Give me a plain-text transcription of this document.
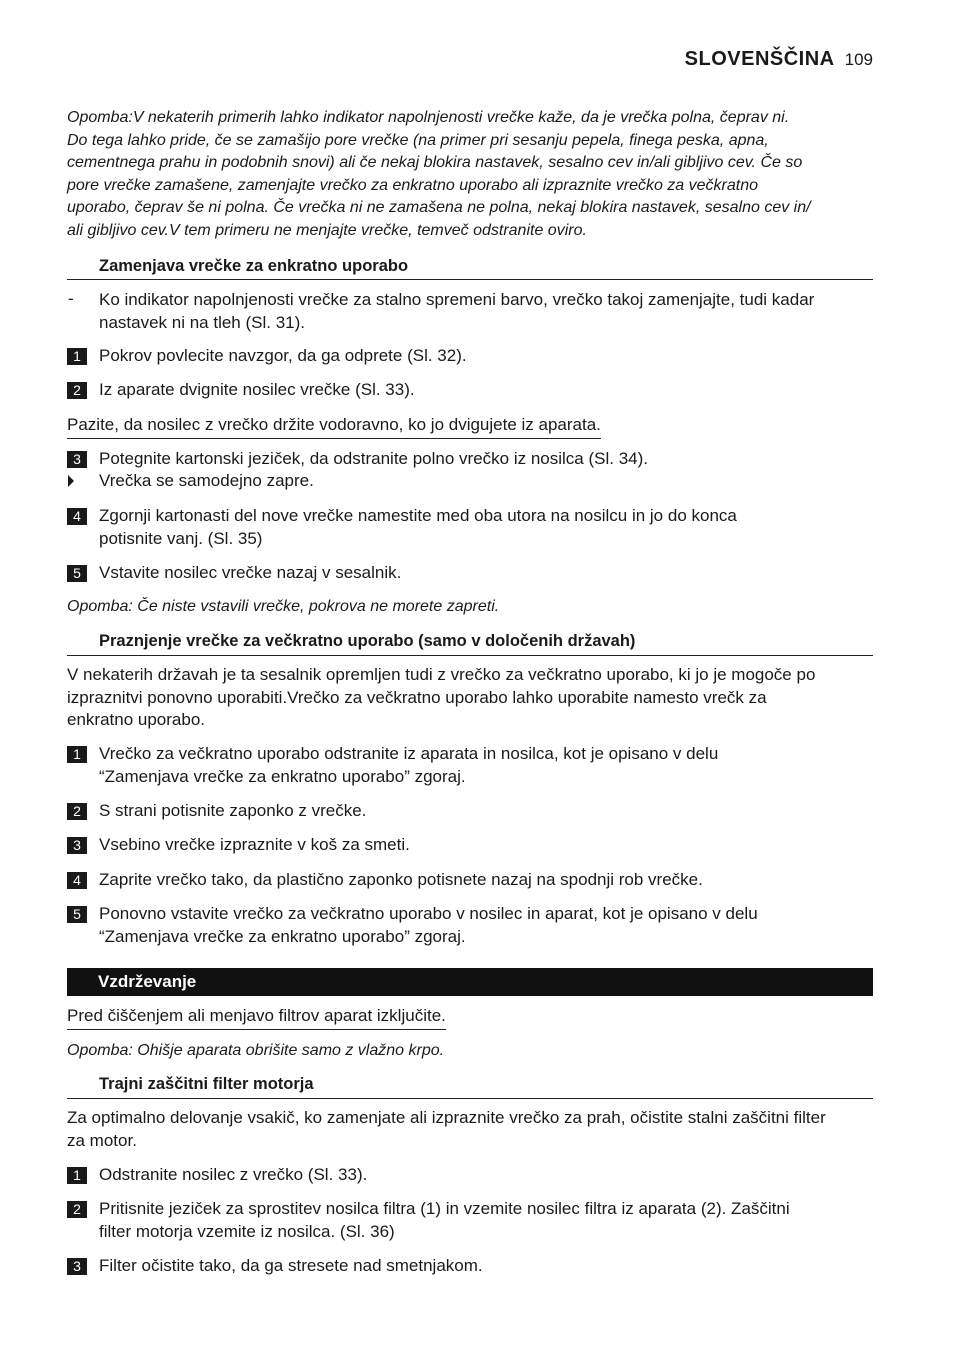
SLOVENŠČINA 109
Opomba:V nekaterih primerih lahko indikator napolnjenosti vrečke kaže, da je vrečka polna, čeprav ni.
Do tega lahko pride, če se zamašijo pore vrečke (na primer pri sesanju pepela, finega peska, apna,
cementnega prahu in podobnih snovi) ali če nekaj blokira nastavek, sesalno cev in/ali gibljivo cev. Če so
pore vrečke zamašene, zamenjajte vrečko za enkratno uporabo ali izpraznite vrečko za večkratno
uporabo, čeprav še ni polna. Če vrečka ni ne zamašena ne polna, nekaj blokira nastavek, sesalno cev in/
ali gibljivo cev.V tem primeru ne menjajte vrečke, temveč odstranite oviro.
Zamenjava vrečke za enkratno uporabo
- Ko indikator napolnjenosti vrečke za stalno spremeni barvo, vrečko takoj zamenjajte, tudi kadar
nastavek ni na tleh (Sl. 31).
1	Pokrov povlecite navzgor, da ga odprete (Sl. 32).
2	Iz aparate dvignite nosilec vrečke (Sl. 33).
Pazite, da nosilec z vrečko držite vodoravno, ko jo dvigujete iz aparata.
3	Potegnite kartonski jeziček, da odstranite polno vrečko iz nosilca (Sl. 34).
Vrečka se samodejno zapre.
4	Zgornji kartonasti del nove vrečke namestite med oba utora na nosilcu in jo do konca
potisnite vanj. (Sl. 35)
5	Vstavite nosilec vrečke nazaj v sesalnik.
Opomba: Če niste vstavili vrečke, pokrova ne morete zapreti.
Praznjenje vrečke za večkratno uporabo (samo v določenih državah)
V nekaterih državah je ta sesalnik opremljen tudi z vrečko za večkratno uporabo, ki jo je mogoče po
izpraznitvi ponovno uporabiti.Vrečko za večkratno uporabo lahko uporabite namesto vrečk za
enkratno uporabo.
1	Vrečko za večkratno uporabo odstranite iz aparata in nosilca, kot je opisano v delu
“Zamenjava vrečke za enkratno uporabo” zgoraj.
2	S strani potisnite zaponko z vrečke.
3	Vsebino vrečke izpraznite v koš za smeti.
4	Zaprite vrečko tako, da plastično zaponko potisnete nazaj na spodnji rob vrečke.
5	Ponovno vstavite vrečko za večkratno uporabo v nosilec in aparat, kot je opisano v delu
“Zamenjava vrečke za enkratno uporabo” zgoraj.
Vzdrževanje
Pred čiščenjem ali menjavo filtrov aparat izključite.
Opomba: Ohišje aparata obrišite samo z vlažno krpo.
Trajni zaščitni filter motorja
Za optimalno delovanje vsakič, ko zamenjate ali izpraznite vrečko za prah, očistite stalni zaščitni filter
za motor.
1	Odstranite nosilec z vrečko (Sl. 33).
2	Pritisnite jeziček za sprostitev nosilca filtra (1) in vzemite nosilec filtra iz aparata (2). Zaščitni
filter motorja vzemite iz nosilca. (Sl. 36)
3	Filter očistite tako, da ga stresete nad smetnjakom.
